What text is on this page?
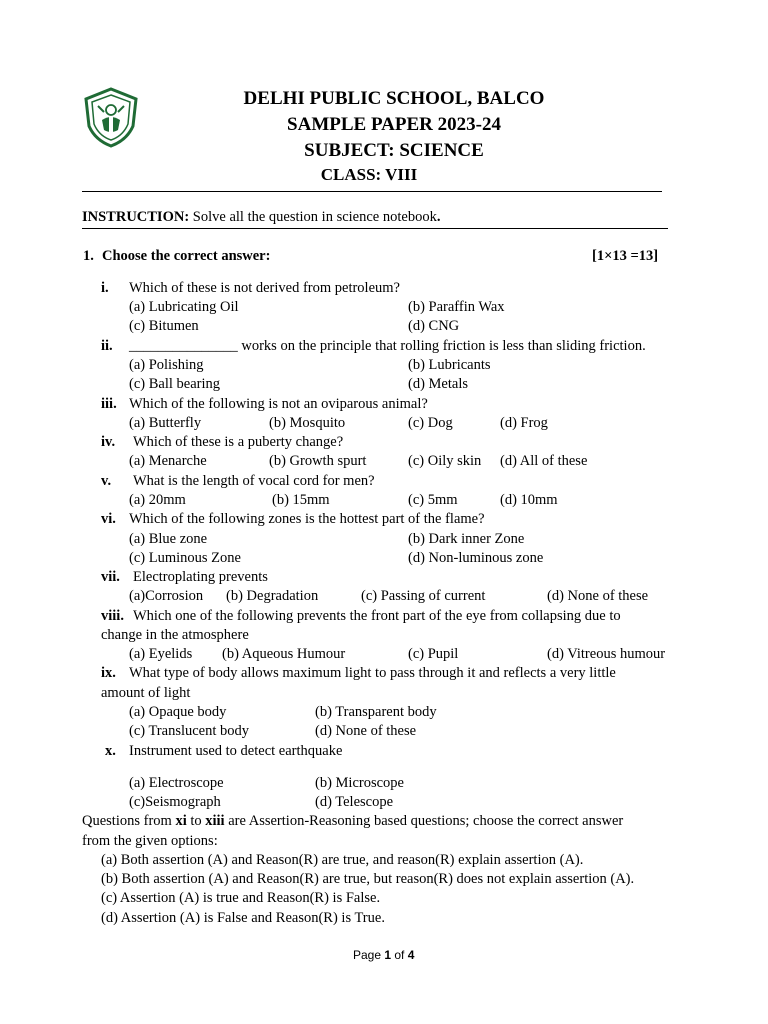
DELHI PUBLIC SCHOOL, BALCO
SAMPLE PAPER 2023-24
SUBJECT: SCIENCE
CLASS: VIII
INSTRUCTION: Solve all the question in science notebook.
1. Choose the correct answer:	[1×13 =13]
i. Which of these is not derived from petroleum?
(a) Lubricating Oil	(b) Paraffin Wax
(c) Bitumen	(d) CNG
ii. _______________ works on the principle that rolling friction is less than sliding friction.
(a) Polishing	(b) Lubricants
(c) Ball bearing	(d) Metals
iii. Which of the following is not an oviparous animal?
(a) Butterfly	(b) Mosquito	(c) Dog	(d) Frog
iv. Which of these is a puberty change?
(a) Menarche	(b) Growth spurt	(c) Oily skin (d) All of these
v. What is the length of vocal cord for men?
(a) 20mm	(b) 15mm	(c) 5mm	(d) 10mm
vi. Which of the following zones is the hottest part of the flame?
(a) Blue zone	(b) Dark inner Zone
(c) Luminous Zone	(d) Non-luminous zone
vii. Electroplating prevents
(a)Corrosion (b) Degradation	(c) Passing of current	(d) None of these
viii. Which one of the following prevents the front part of the eye from collapsing due to
change in the atmosphere
(a) Eyelids (b) Aqueous Humour	(c) Pupil	(d) Vitreous humour
ix. What type of body allows maximum light to pass through it and reflects a very little
amount of light
(a) Opaque body	(b) Transparent body
(c) Translucent body	(d) None of these
x. Instrument used to detect earthquake
(a) Electroscope	(b) Microscope
(c)Seismograph	(d) Telescope
Questions from xi to xiii are Assertion-Reasoning based questions; choose the correct answer
from the given options:
(a) Both assertion (A) and Reason(R) are true, and reason(R) explain assertion (A).
(b) Both assertion (A) and Reason(R) are true, but reason(R) does not explain assertion (A).
(c) Assertion (A) is true and Reason(R) is False.
(d) Assertion (A) is False and Reason(R) is True.
Page 1 of 4
